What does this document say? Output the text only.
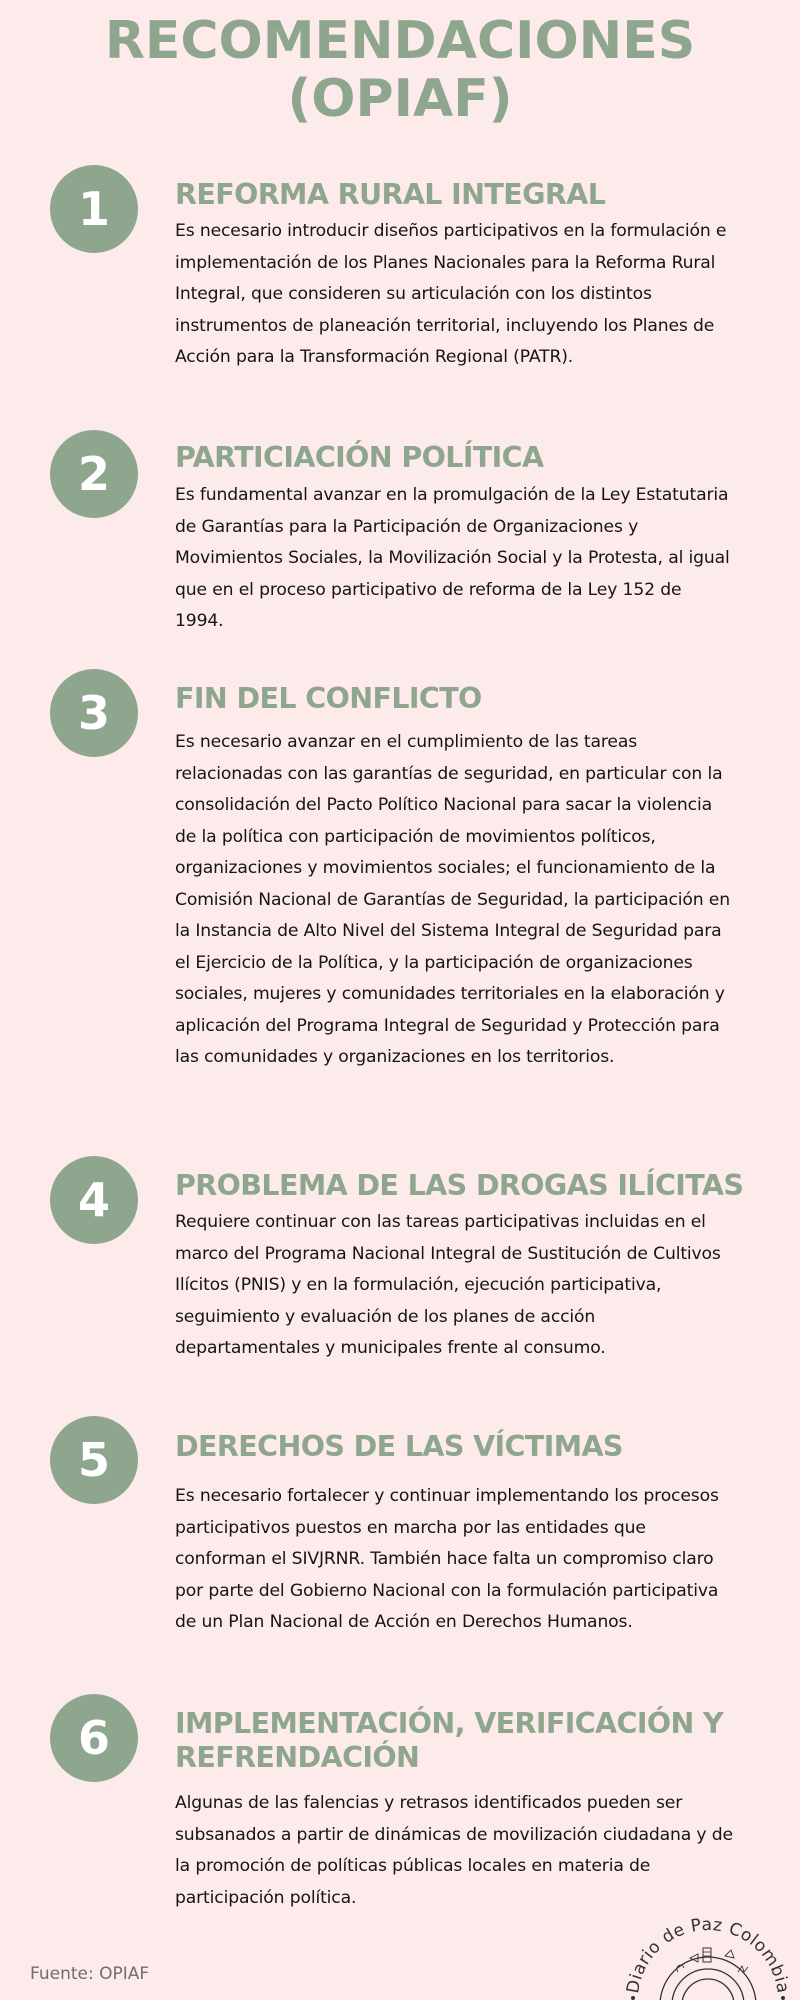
RECOMENDACIONES
(OPIAF)
1	REFORMA RURAL INTEGRAL
Es necesario introducir diseños participativos en la formulación e implementación de los Planes Nacionales para la Reforma Rural Integral, que consideren su articulación con los distintos instrumentos de planeación territorial, incluyendo los Planes de Acción para la Transformación Regional (PATR).
2	PARTICIACIÓN POLÍTICA
Es fundamental avanzar en la promulgación de la Ley Estatutaria de Garantías para la Participación de Organizaciones y Movimientos Sociales, la Movilización Social y la Protesta, al igual que en el proceso participativo de reforma de la Ley 152 de 1994.
3	FIN DEL CONFLICTO
Es necesario avanzar en el cumplimiento de las tareas relacionadas con las garantías de seguridad, en particular con la consolidación del Pacto Político Nacional para sacar la violencia de la política con participación de movimientos políticos, organizaciones y movimientos sociales; el funcionamiento de la Comisión Nacional de Garantías de Seguridad, la participación en la Instancia de Alto Nivel del Sistema Integral de Seguridad para el Ejercicio de la Política, y la participación de organizaciones sociales, mujeres y comunidades territoriales en la elaboración y aplicación del Programa Integral de Seguridad y Protección para las comunidades y organizaciones en los territorios.
4	PROBLEMA DE LAS DROGAS ILÍCITAS
Requiere continuar con las tareas participativas incluidas en el marco del Programa Nacional Integral de Sustitución de Cultivos Ilícitos (PNIS) y en la formulación, ejecución participativa, seguimiento y evaluación de los planes de acción departamentales y municipales frente al consumo.
5	DERECHOS DE LAS VÍCTIMAS
Es necesario fortalecer y continuar implementando los procesos participativos puestos en marcha por las entidades que conforman el SIVJRNR. También hace falta un compromiso claro por parte del Gobierno Nacional con la formulación participativa de un Plan Nacional de Acción en Derechos Humanos.
6	IMPLEMENTACIÓN, VERIFICACIÓN Y REFRENDACIÓN
Algunas de las falencias y retrasos identificados pueden ser subsanados a partir de dinámicas de movilización ciudadana y de la promoción de políticas públicas locales en materia de participación política.
Fuente: OPIAF
Diario de Paz Colombia
